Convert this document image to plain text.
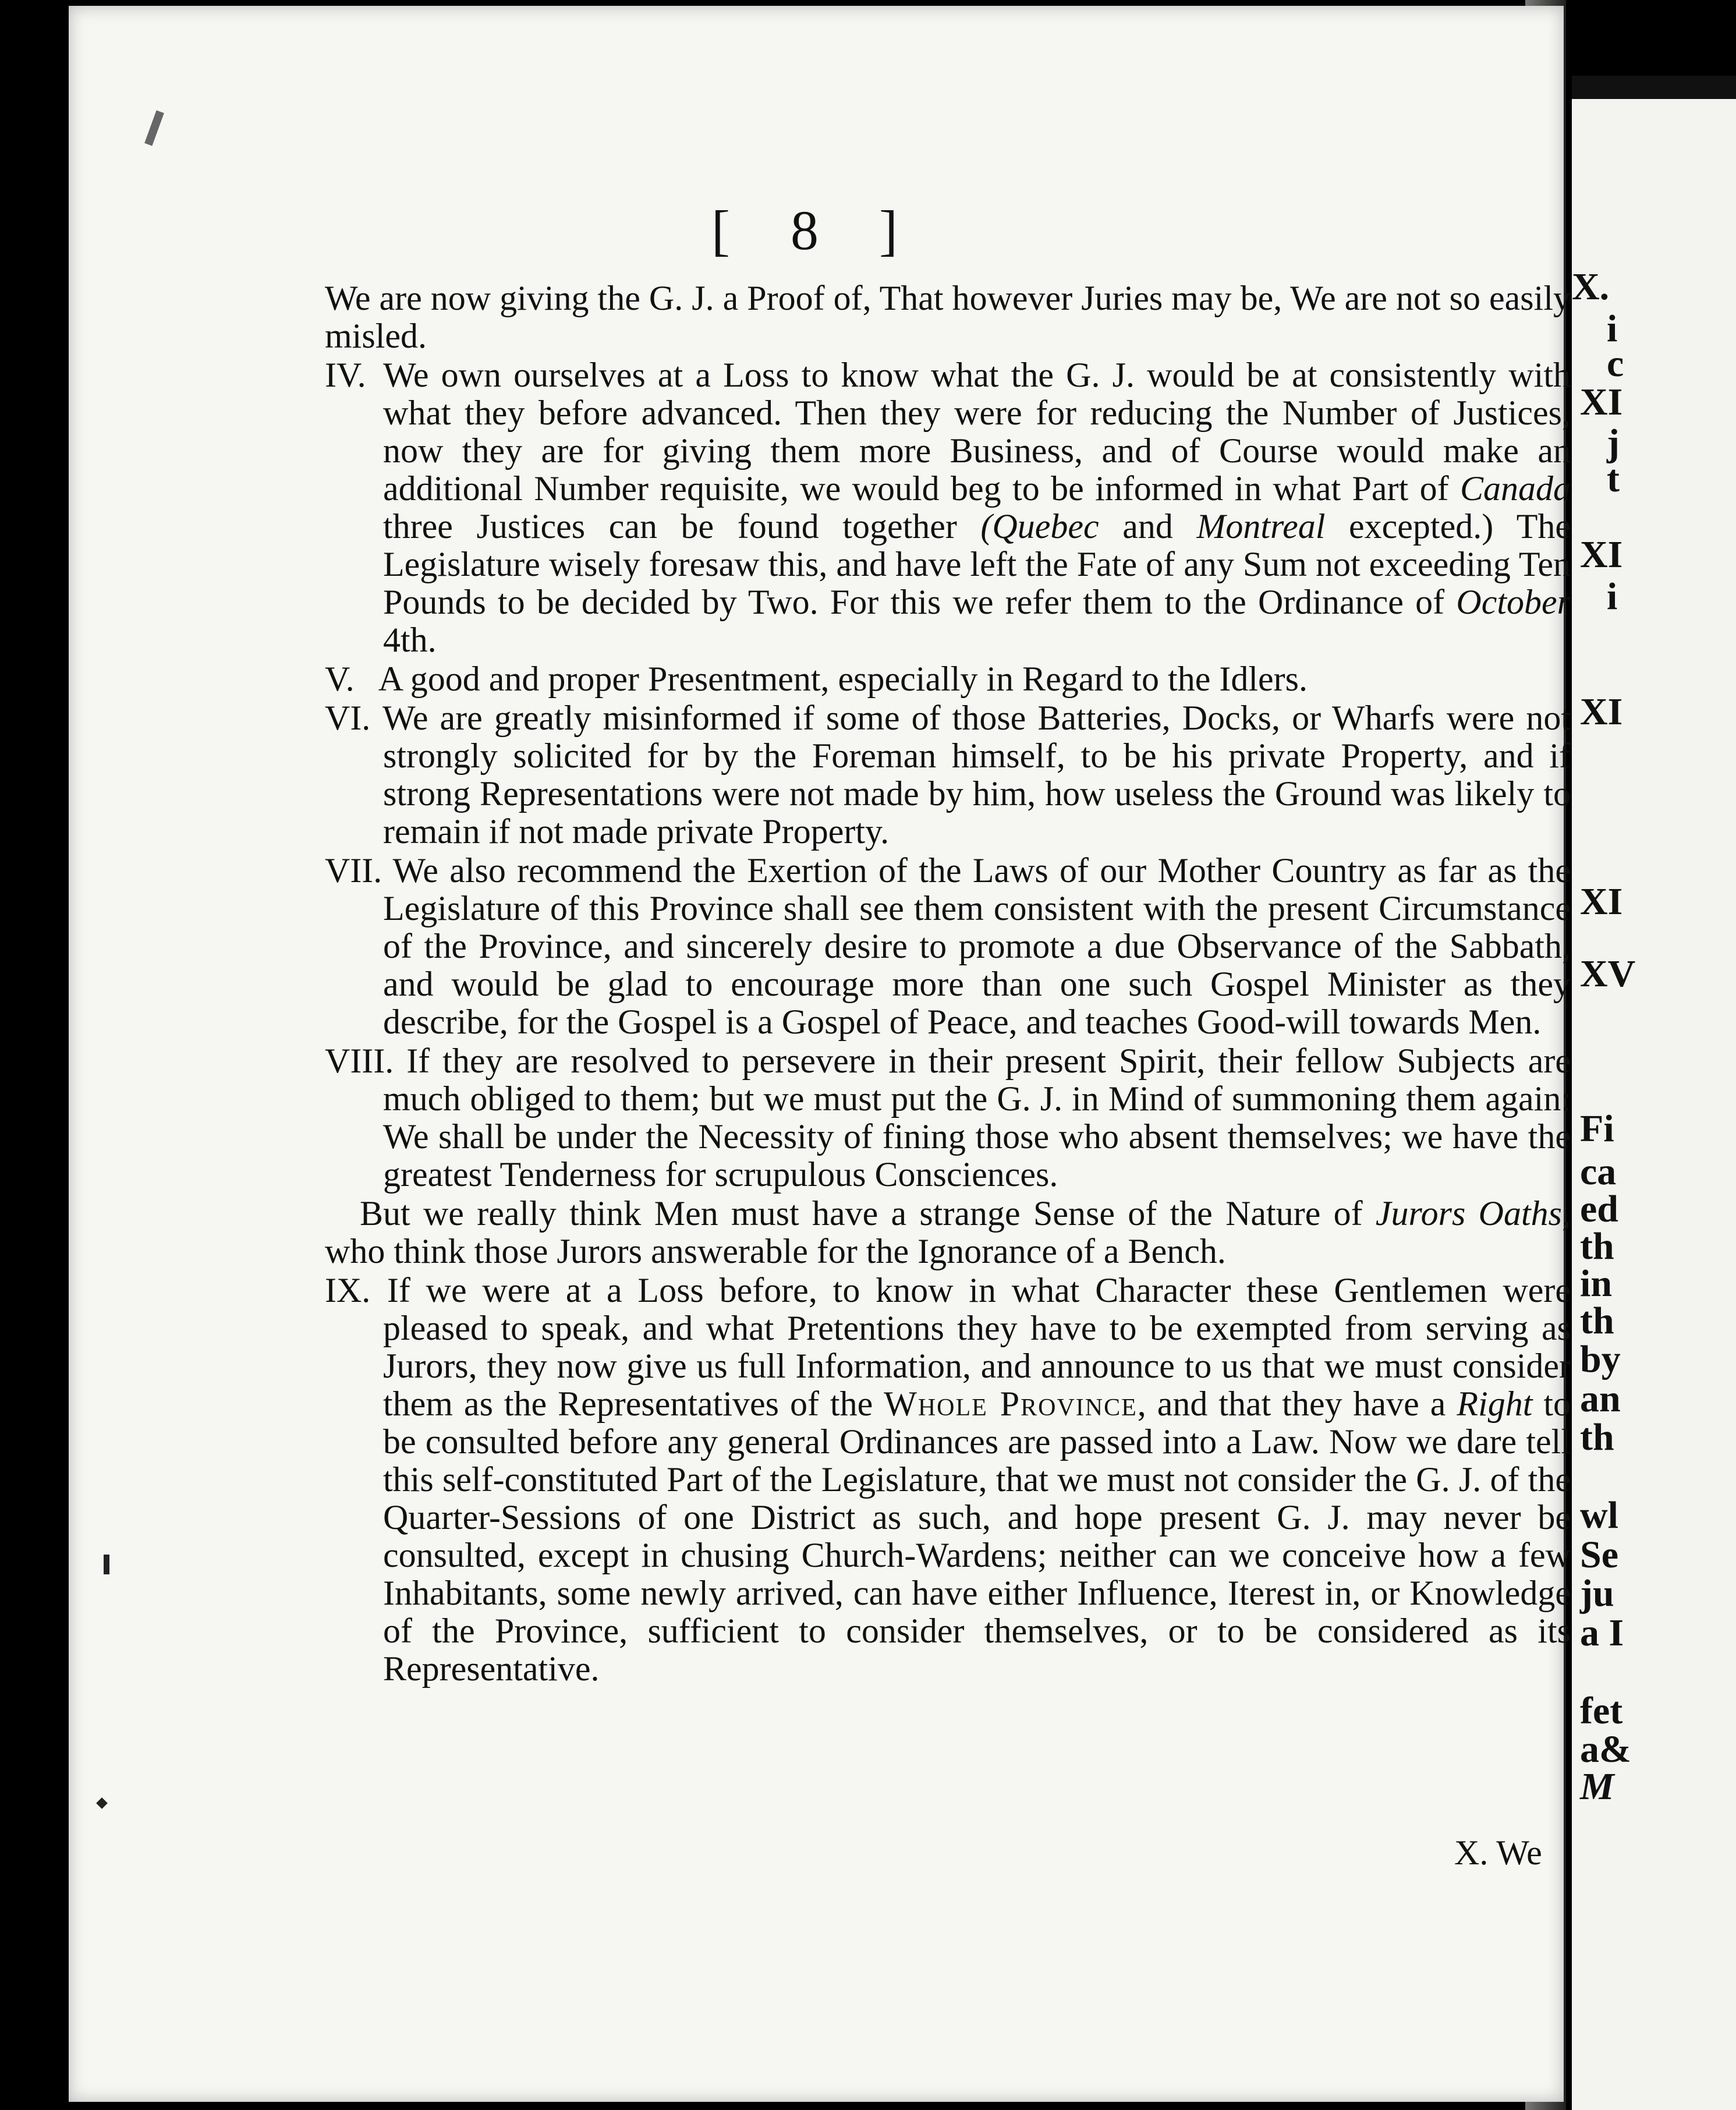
[ 8 ]

We are now giving the G. J. a Proof of, That however Juries may be, We are not so easily misled.

IV. We own ourselves at a Loss to know what the G. J. would be at consistently with what they before advanced. Then they were for reducing the Number of Justices, now they are for giving them more Business, and of Course would make an additional Number requisite, we would beg to be informed in what Part of Canada three Justices can be found together (Quebec and Montreal excepted.) The Legislature wisely foresaw this, and have left the Fate of any Sum not exceeding Ten Pounds to be decided by Two. For this we refer them to the Ordinance of October 4th.

V. A good and proper Presentment, especially in Regard to the Idlers.

VI. We are greatly misinformed if some of those Batteries, Docks, or Wharfs were not strongly solicited for by the Foreman himself, to be his private Property, and if strong Representations were not made by him, how useless the Ground was likely to remain if not made private Property.

VII. We also recommend the Exertion of the Laws of our Mother Country as far as the Legislature of this Province shall see them consistent with the present Circumstance of the Province, and sincerely desire to promote a due Observance of the Sabbath, and would be glad to encourage more than one such Gospel Minister as they describe, for the Gospel is a Gospel of Peace, and teaches Good-will towards Men.

VIII. If they are resolved to persevere in their present Spirit, their fellow Subjects are much obliged to them; but we must put the G. J. in Mind of summoning them again: We shall be under the Necessity of fining those who absent themselves; we have the greatest Tenderness for scrupulous Consciences.

But we really think Men must have a strange Sense of the Nature of Jurors Oaths, who think those Jurors answerable for the Ignorance of a Bench.

IX. If we were at a Loss before, to know in what Character these Gentlemen were pleased to speak, and what Pretentions they have to be exempted from serving as Jurors, they now give us full Information, and announce to us that we must consider them as the Representatives of the Whole Province, and that they have a Right to be consulted before any general Ordinances are passed into a Law. Now we dare tell this self-constituted Part of the Legislature, that we must not consider the G. J. of the Quarter-Sessions of one District as such, and hope present G. J. may never be consulted, except in chusing Church-Wardens; neither can we conceive how a few Inhabitants, some newly arrived, can have either Influence, Iterest in, or Knowledge of the Province, sufficient to consider themselves, or to be considered as its Representative.

X. We
X.
i
c
XI
j
t
XI
i
XI
XI
XV
Fi
ca
ed
th
in
th
by
an
th
wl
Se
ju
a I
fet
a&
M
